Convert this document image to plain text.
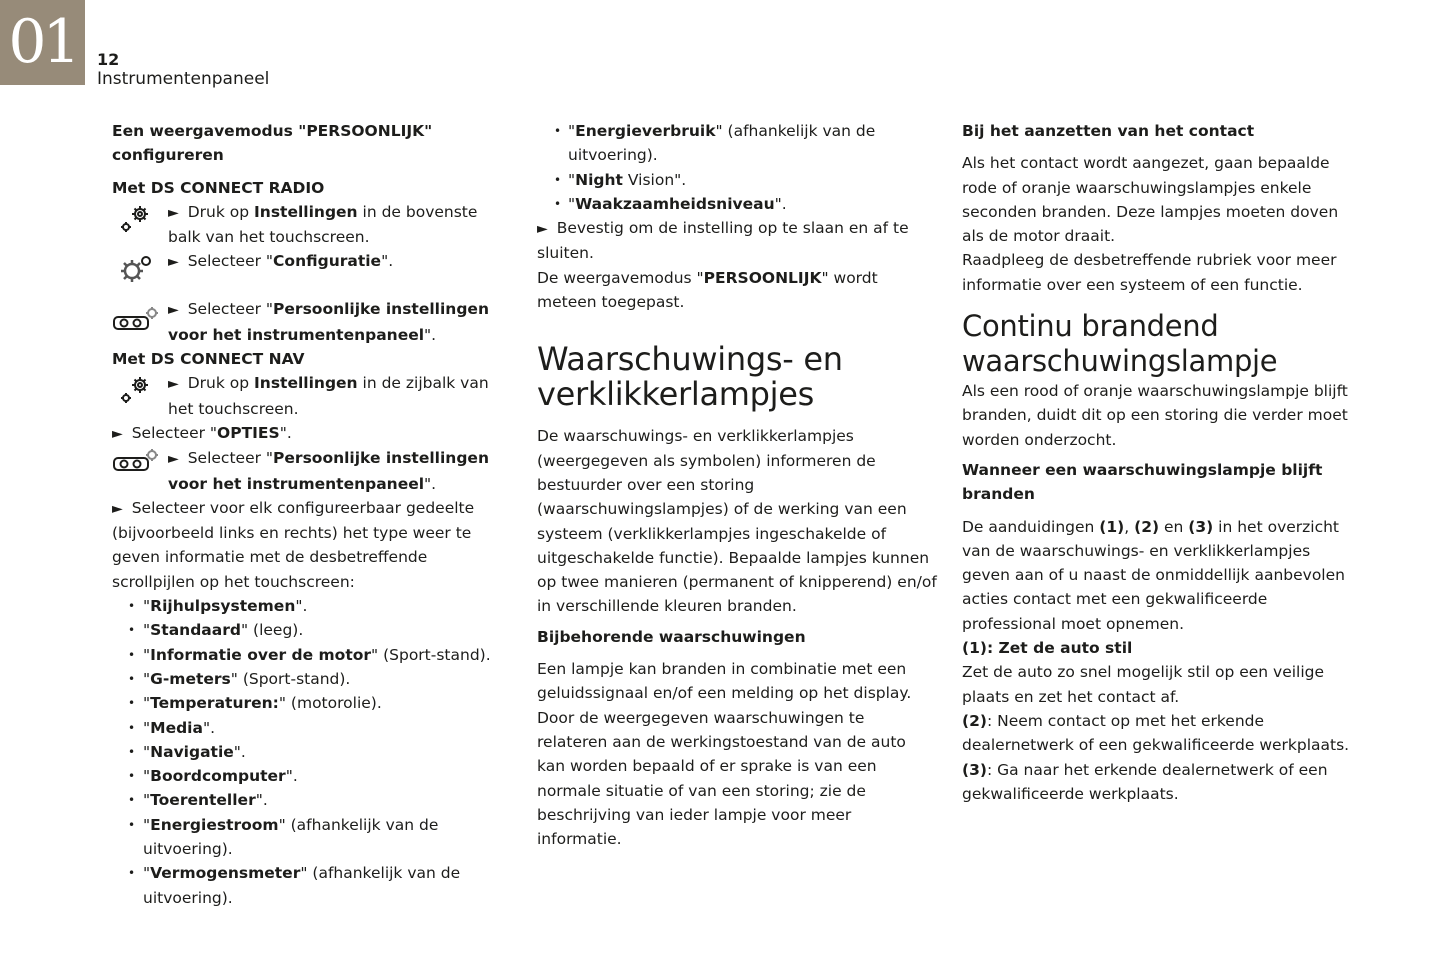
01	12
Instrumentenpaneel

Een weergavemodus "PERSOONLIJK" configureren

Met DS CONNECT RADIO

► Druk op Instellingen in de bovenste balk van het touchscreen.

► Selecteer "Configuratie".

► Selecteer "Persoonlijke instellingen voor het instrumentenpaneel".

Met DS CONNECT NAV

► Druk op Instellingen in de zijbalk van het touchscreen.

► Selecteer "OPTIES".

► Selecteer "Persoonlijke instellingen voor het instrumentenpaneel".

► Selecteer voor elk configureerbaar gedeelte (bijvoorbeeld links en rechts) het type weer te geven informatie met de desbetreffende scrollpijlen op het touchscreen:

• "Rijhulpsystemen".
• "Standaard" (leeg).
• "Informatie over de motor" (Sport-stand).
• "G-meters" (Sport-stand).
• "Temperaturen:" (motorolie).
• "Media".
• "Navigatie".
• "Boordcomputer".
• "Toerenteller".
• "Energiestroom" (afhankelijk van de uitvoering).
• "Vermogensmeter" (afhankelijk van de uitvoering).
• "Energieverbruik" (afhankelijk van de uitvoering).
• "Night Vision".
• "Waakzaamheidsniveau".

► Bevestig om de instelling op te slaan en af te sluiten.

De weergavemodus "PERSOONLIJK" wordt meteen toegepast.

Waarschuwings- en verklikkerlampjes

De waarschuwings- en verklikkerlampjes (weergegeven als symbolen) informeren de bestuurder over een storing (waarschuwingslampjes) of de werking van een systeem (verklikkerlampjes ingeschakelde of uitgeschakelde functie). Bepaalde lampjes kunnen op twee manieren (permanent of knipperend) en/of in verschillende kleuren branden.

Bijbehorende waarschuwingen

Een lampje kan branden in combinatie met een geluidssignaal en/of een melding op het display. Door de weergegeven waarschuwingen te relateren aan de werkingstoestand van de auto kan worden bepaald of er sprake is van een normale situatie of van een storing; zie de beschrijving van ieder lampje voor meer informatie.

Bij het aanzetten van het contact

Als het contact wordt aangezet, gaan bepaalde rode of oranje waarschuwingslampjes enkele seconden branden. Deze lampjes moeten doven als de motor draait.

Raadpleeg de desbetreffende rubriek voor meer informatie over een systeem of een functie.

Continu brandend waarschuwingslampje

Als een rood of oranje waarschuwingslampje blijft branden, duidt dit op een storing die verder moet worden onderzocht.

Wanneer een waarschuwingslampje blijft branden

De aanduidingen (1), (2) en (3) in het overzicht van de waarschuwings- en verklikkerlampjes geven aan of u naast de onmiddellijk aanbevolen acties contact met een gekwalificeerde professional moet opnemen.

(1): Zet de auto stil

Zet de auto zo snel mogelijk stil op een veilige plaats en zet het contact af.

(2): Neem contact op met het erkende dealernetwerk of een gekwalificeerde werkplaats.

(3): Ga naar het erkende dealernetwerk of een gekwalificeerde werkplaats.
